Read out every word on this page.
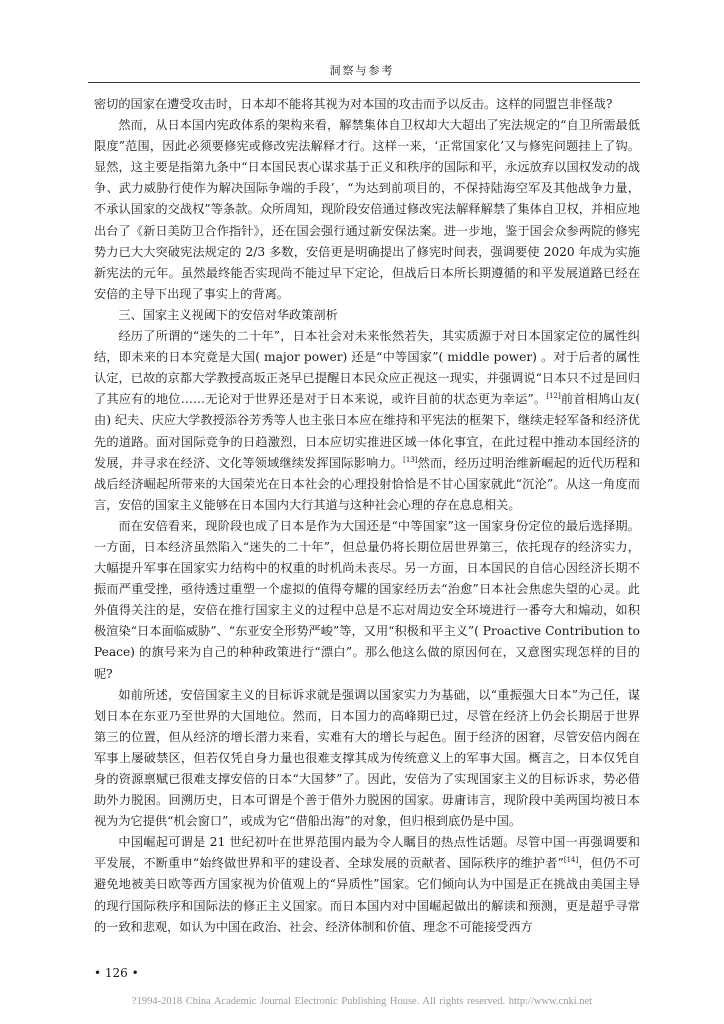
洞察与参考

密切的国家在遭受攻击时，日本却不能将其视为对本国的攻击而予以反击。这样的同盟岂非怪哉?

然而，从日本国内宪政体系的架构来看，解禁集体自卫权却大大超出了宪法规定的“自卫所需最低限度”范围，因此必须要修宪或修改宪法解释才行。这样一来，‘正常国家化’又与修宪问题挂上了钩。显然，这主要是指第九条中“日本国民衷心谋求基于正义和秩序的国际和平，永远放弃以国权发动的战争、武力威胁行使作为解决国际争端的手段’，“为达到前项目的，不保持陆海空军及其他战争力量，不承认国家的交战权”等条款。众所周知，现阶段安倍通过修改宪法解释解禁了集体自卫权，并相应地出台了《新日美防卫合作指针》，还在国会强行通过新安保法案。进一步地，鉴于国会众参两院的修宪势力已大大突破宪法规定的 2/3 多数，安倍更是明确提出了修宪时间表，强调要使 2020 年成为实施新宪法的元年。虽然最终能否实现尚不能过早下定论，但战后日本所长期遵循的和平发展道路已经在安倍的主导下出现了事实上的背离。

三、国家主义视阈下的安倍对华政策剖析

经历了所谓的“迷失的二十年”，日本社会对未来怅然若失，其实质源于对日本国家定位的属性纠结，即未来的日本究竟是大国( major power) 还是“中等国家”( middle power) 。对于后者的属性认定，已故的京都大学教授高坂正尧早已提醒日本民众应正视这一现实，并强调说“日本只不过是回归了其应有的地位……无论对于世界还是对于日本来说，或许目前的状态更为幸运”。[12]前首相鸠山友( 由) 纪夫、庆应大学教授添谷芳秀等人也主张日本应在维持和平宪法的框架下，继续走轻军备和经济优先的道路。面对国际竞争的日趋激烈，日本应切实推进区域一体化事宜，在此过程中推动本国经济的发展，并寻求在经济、文化等领域继续发挥国际影响力。[13]然而，经历过明治维新崛起的近代历程和战后经济崛起所带来的大国荣光在日本社会的心理投射恰恰是不甘心国家就此“沉沦”。从这一角度而言，安倍的国家主义能够在日本国内大行其道与这种社会心理的存在息息相关。

而在安倍看来，现阶段也成了日本是作为大国还是“中等国家”这一国家身份定位的最后选择期。一方面，日本经济虽然陷入“迷失的二十年”，但总量仍将长期位居世界第三，依托现存的经济实力，大幅提升军事在国家实力结构中的权重的时机尚未丧尽。另一方面，日本国民的自信心因经济长期不振而严重受挫，亟待透过重塑一个虚拟的值得夸耀的国家经历去“治愈”日本社会焦虑失望的心灵。此外值得关注的是，安倍在推行国家主义的过程中总是不忘对周边安全环境进行一番夸大和煽动，如积极渲染“日本面临威胁”、“东亚安全形势严峻”等，又用“积极和平主义”( Proactive Contribution to Peace) 的旗号来为自己的种种政策进行“漂白”。那么他这么做的原因何在，又意图实现怎样的目的呢?

如前所述，安倍国家主义的目标诉求就是强调以国家实力为基础，以“重振强大日本”为己任，谋划日本在东亚乃至世界的大国地位。然而，日本国力的高峰期已过，尽管在经济上仍会长期居于世界第三的位置，但从经济的增长潜力来看，实难有大的增长与起色。囿于经济的困窘，尽管安倍内阁在军事上屡破禁区，但若仅凭自身力量也很难支撑其成为传统意义上的军事大国。概言之，日本仅凭自身的资源禀赋已很难支撑安倍的日本“大国梦”了。因此，安倍为了实现国家主义的目标诉求，势必借助外力脱困。回溯历史，日本可谓是个善于借外力脱困的国家。毋庸讳言，现阶段中美两国均被日本视为为它提供“机会窗口”，或成为它“借船出海”的对象，但归根到底仍是中国。

中国崛起可谓是 21 世纪初叶在世界范围内最为令人瞩目的热点性话题。尽管中国一再强调要和平发展，不断重申“始终做世界和平的建设者、全球发展的贡献者、国际秩序的维护者”[14]，但仍不可避免地被美日欧等西方国家视为价值观上的“异质性”国家。它们倾向认为中国是正在挑战由美国主导的现行国际秩序和国际法的修正主义国家。而日本国内对中国崛起做出的解读和预测，更是超乎寻常的一致和悲观，如认为中国在政治、社会、经济体制和价值、理念不可能接受西方

• 126 •
?1994-2018 China Academic Journal Electronic Publishing House. All rights reserved. http://www.cnki.net
